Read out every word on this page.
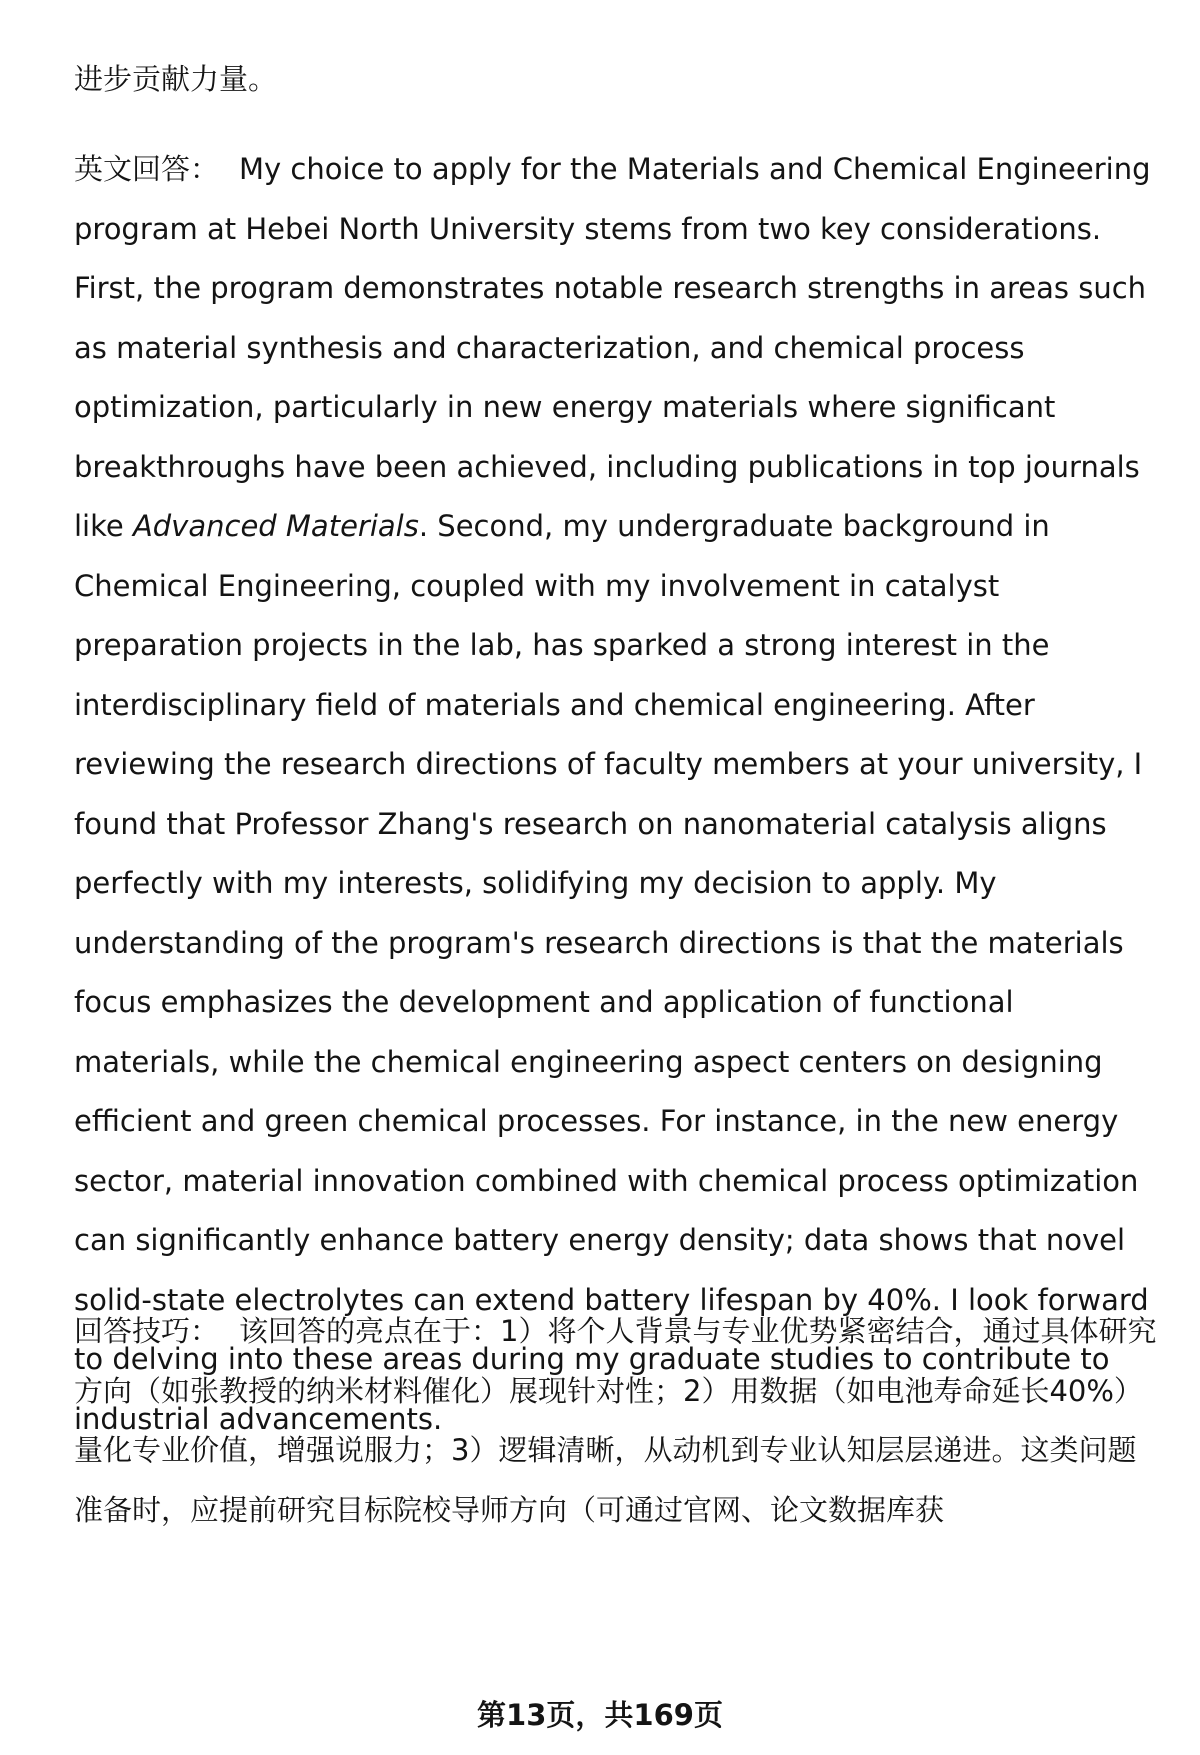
进步贡献力量。

英文回答： My choice to apply for the Materials and Chemical Engineering program at Hebei North University stems from two key considerations. First, the program demonstrates notable research strengths in areas such as material synthesis and characterization, and chemical process optimization, particularly in new energy materials where significant breakthroughs have been achieved, including publications in top journals like Advanced Materials. Second, my undergraduate background in Chemical Engineering, coupled with my involvement in catalyst preparation projects in the lab, has sparked a strong interest in the interdisciplinary field of materials and chemical engineering. After reviewing the research directions of faculty members at your university, I found that Professor Zhang's research on nanomaterial catalysis aligns perfectly with my interests, solidifying my decision to apply. My understanding of the program's research directions is that the materials focus emphasizes the development and application of functional materials, while the chemical engineering aspect centers on designing efficient and green chemical processes. For instance, in the new energy sector, material innovation combined with chemical process optimization can significantly enhance battery energy density; data shows that novel solid-state electrolytes can extend battery lifespan by 40%. I look forward to delving into these areas during my graduate studies to contribute to industrial advancements.

回答技巧： 该回答的亮点在于：1）将个人背景与专业优势紧密结合，通过具体研究方向（如张教授的纳米材料催化）展现针对性；2）用数据（如电池寿命延长40%）量化专业价值，增强说服力；3）逻辑清晰，从动机到专业认知层层递进。这类问题准备时，应提前研究目标院校导师方向（可通过官网、论文数据库获

第13页，共169页
